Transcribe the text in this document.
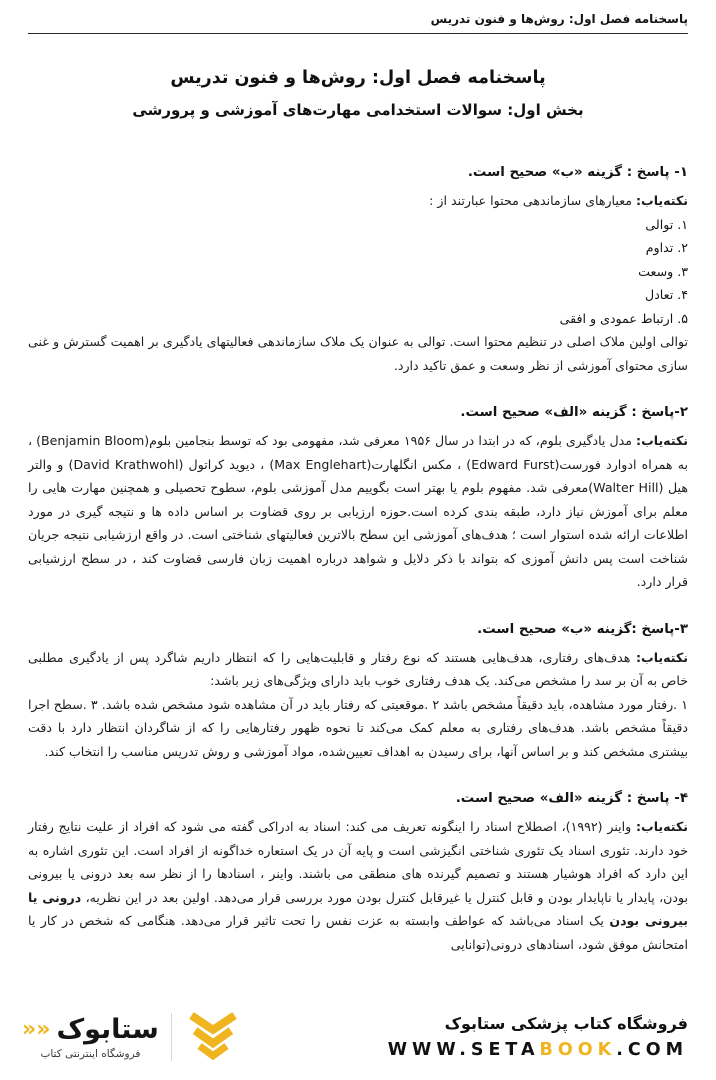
پاسخنامه فصل اول: روش‌ها و فنون تدریس
پاسخنامه فصل اول: روش‌ها و فنون تدریس
بخش اول: سوالات استخدامی مهارت‌های آموزشی و پرورشی
۱- پاسخ : گزینه «ب» صحیح است.

نکته‌یاب: معیارهای سازماندهی محتوا عبارتند از :

۱. توالی
۲. تداوم
۳. وسعت
۴. تعادل
۵. ارتباط عمودی و افقی

توالی اولین ملاک اصلی در تنظیم محتوا است. توالی به عنوان یک ملاک سازماندهی فعالیتهای یادگیری بر اهمیت گسترش و غنی سازی محتوای آموزشی از نظر وسعت و عمق تاکید دارد.

۲-پاسخ : گزینه «الف» صحیح است.

نکته‌یاب: مدل یادگیری بلوم، که در ابتدا در سال ۱۹۵۶ معرفی شد، مفهومی بود که توسط بنجامین بلوم(Benjamin Bloom) ، به همراه ادوارد فورست(Edward Furst) ، مکس انگلهارت(Max Englehart) ، دیوید کراتول (David Krathwohl) و والتر هیل (Walter Hill)معرفی شد. مفهوم بلوم یا بهتر است بگوییم مدل آموزشی بلوم، سطوح تحصیلی و همچنین مهارت هایی را معلم برای آموزش نیاز دارد، طبقه بندی کرده است.حوزه ارزیابی بر روی قضاوت بر اساس داده ها و نتیجه گیری در مورد اطلاعات ارائه شده استوار است ؛ هدف‌های آموزشی این سطح بالاترین فعالیتهای شناختی است. در واقع ارزشیابی نتیجه جریان شناخت است پس دانش آموزی که بتواند با ذکر دلایل و شواهد درباره اهمیت زبان فارسی قضاوت کند ، در سطح ارزشیابی قرار دارد.

۳-پاسخ :گزینه «ب» صحیح است.

نکته‌یاب: هدف‌های رفتاری، هدف‌هایی هستند که نوع رفتار و قابلیت‌هایی را که انتظار داریم شاگرد پس از یادگیری مطلبی خاص به آن بر سد را مشخص می‌کند. یک هدف رفتاری خوب باید دارای ویژگی‌های زیر باشد:

۱ .رفتار مورد مشاهده، باید دقیقاً مشخص باشد ۲ .موقعیتی که رفتار باید در آن مشاهده شود مشخص شده باشد. ۳ .سطح اجرا دقیقاً مشخص باشد. هدف‌های رفتاری به معلم کمک می‌کند تا نحوه ظهور رفتارهایی را که از شاگردان انتظار دارد با دقت بیشتری مشخص کند و بر اساس آنها، برای رسیدن به اهداف تعیین‌شده، مواد آموزشی و روش تدریس مناسب را انتخاب کند.

۴- پاسخ : گزینه «الف» صحیح است.

نکته‌یاب: واینر (۱۹۹۲)، اصطلاح اسناد را اینگونه تعریف می کند: اسناد به ادراکی گفته می شود که افراد از علیت نتایج رفتار خود دارند. تئوری اسناد یک تئوری شناختی انگیزشی است و پایه آن در یک استعاره خداگونه از افراد است. این تئوری اشاره به این دارد که افراد هوشیار هستند و تصمیم گیرنده های منطقی می باشند. واینر ، اسنادها را از نظر سه بعد درونی یا بیرونی بودن، پایدار یا ناپایدار بودن و قابل کنترل یا غیرقابل کنترل بودن مورد بررسی قرار می‌دهد. اولین بعد در این نظریه، درونی یا بیرونی بودن یک اسناد می‌باشد که عواطف وابسته به عزت نفس را تحت تاثیر قرار می‌دهد. هنگامی که شخص در کار یا امتحانش موفق شود، اسنادهای درونی(توانایی

فروشگاه کتاب پزشکی ستابوک
WWW.SETABOOK.COM
ستابوک
««
فروشگاه اینترنتی کتاب
